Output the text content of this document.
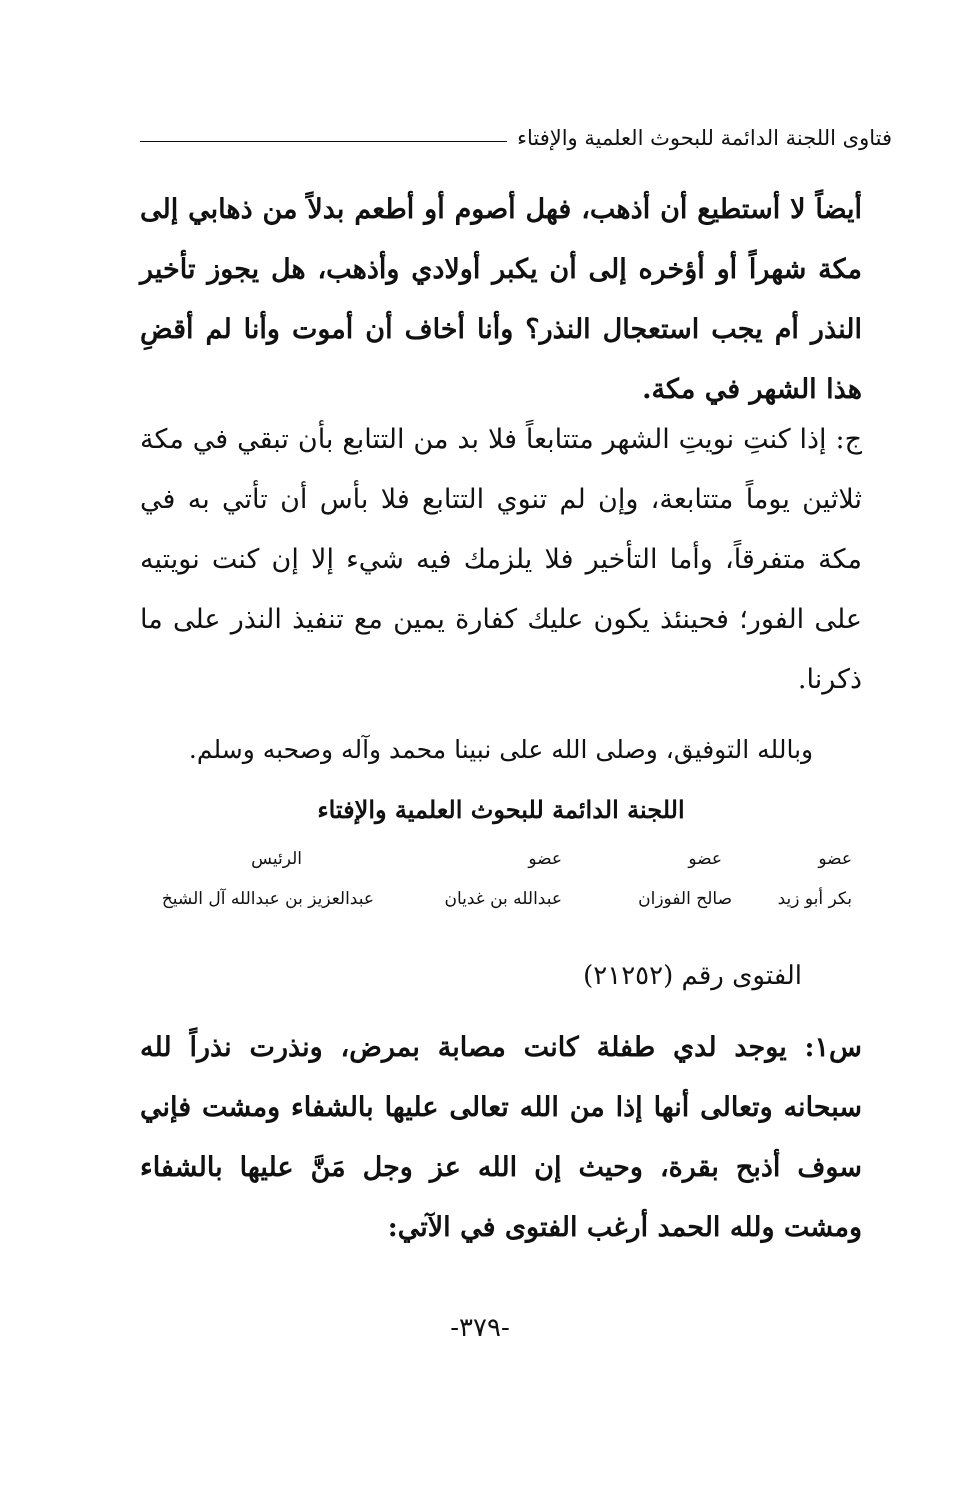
فتاوى اللجنة الدائمة للبحوث العلمية والإفتاء
أيضاً لا أستطيع أن أذهب، فهل أصوم أو أطعم بدلاً من ذهابي إلى مكة شهراً أو أؤخره إلى أن يكبر أولادي وأذهب، هل يجوز تأخير النذر أم يجب استعجال النذر؟ وأنا أخاف أن أموت وأنا لم أقضِ هذا الشهر في مكة.
ج: إذا كنتِ نويتِ الشهر متتابعاً فلا بد من التتابع بأن تبقي في مكة ثلاثين يوماً متتابعة، وإن لم تنوي التتابع فلا بأس أن تأتي به في مكة متفرقاً، وأما التأخير فلا يلزمك فيه شيء إلا إن كنت نويتيه على الفور؛ فحينئذ يكون عليك كفارة يمين مع تنفيذ النذر على ما ذكرنا.
وبالله التوفيق، وصلى الله على نبينا محمد وآله وصحبه وسلم.
اللجنة الدائمة للبحوث العلمية والإفتاء
عضو
عضو
عضو
الرئيس
بكر أبو زيد
صالح الفوزان
عبدالله بن غديان
عبدالعزيز بن عبدالله آل الشيخ
الفتوى رقم (٢١٢٥٢)
س١: يوجد لدي طفلة كانت مصابة بمرض، ونذرت نذراً لله سبحانه وتعالى أنها إذا من الله تعالى عليها بالشفاء ومشت فإني سوف أذبح بقرة، وحيث إن الله عز وجل مَنَّ عليها بالشفاء ومشت ولله الحمد أرغب الفتوى في الآتي:
-٣٧٩-
